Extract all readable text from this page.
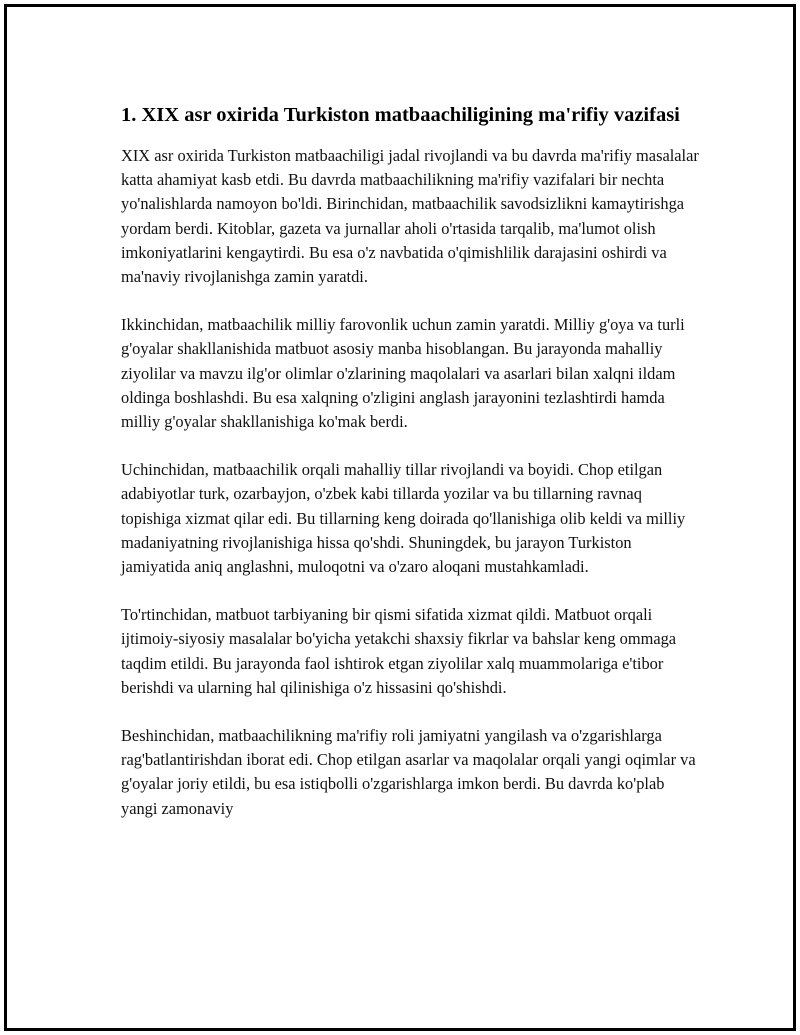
1. XIX asr oxirida Turkiston matbaachiligining ma'rifiy vazifasi

XIX asr oxirida Turkiston matbaachiligi jadal rivojlandi va bu davrda ma'rifiy masalalar katta ahamiyat kasb etdi. Bu davrda matbaachilikning ma'rifiy vazifalari bir nechta yo'nalishlarda namoyon bo'ldi. Birinchidan, matbaachilik savodsizlikni kamaytirishga yordam berdi. Kitoblar, gazeta va jurnallar aholi o'rtasida tarqalib, ma'lumot olish imkoniyatlarini kengaytirdi. Bu esa o'z navbatida o'qimishlilik darajasini oshirdi va ma'naviy rivojlanishga zamin yaratdi.

Ikkinchidan, matbaachilik milliy farovonlik uchun zamin yaratdi. Milliy g'oya va turli g'oyalar shakllanishida matbuot asosiy manba hisoblangan. Bu jarayonda mahalliy ziyolilar va mavzu ilg'or olimlar o'zlarining maqolalari va asarlari bilan xalqni ildam oldinga boshlashdi. Bu esa xalqning o'zligini anglash jarayonini tezlashtirdi hamda milliy g'oyalar shakllanishiga ko'mak berdi.

Uchinchidan, matbaachilik orqali mahalliy tillar rivojlandi va boyidi. Chop etilgan adabiyotlar turk, ozarbayjon, o'zbek kabi tillarda yozilar va bu tillarning ravnaq topishiga xizmat qilar edi. Bu tillarning keng doirada qo'llanishiga olib keldi va milliy madaniyatning rivojlanishiga hissa qo'shdi. Shuningdek, bu jarayon Turkiston jamiyatida aniq anglashni, muloqotni va o'zaro aloqani mustahkamladi.

To'rtinchidan, matbuot tarbiyaning bir qismi sifatida xizmat qildi. Matbuot orqali ijtimoiy-siyosiy masalalar bo'yicha yetakchi shaxsiy fikrlar va bahslar keng ommaga taqdim etildi. Bu jarayonda faol ishtirok etgan ziyolilar xalq muammolariga e'tibor berishdi va ularning hal qilinishiga o'z hissasini qo'shishdi.

Beshinchidan, matbaachilikning ma'rifiy roli jamiyatni yangilash va o'zgarishlarga rag'batlantirishdan iborat edi. Chop etilgan asarlar va maqolalar orqali yangi oqimlar va g'oyalar joriy etildi, bu esa istiqbolli o'zgarishlarga imkon berdi. Bu davrda ko'plab yangi zamonaviy
